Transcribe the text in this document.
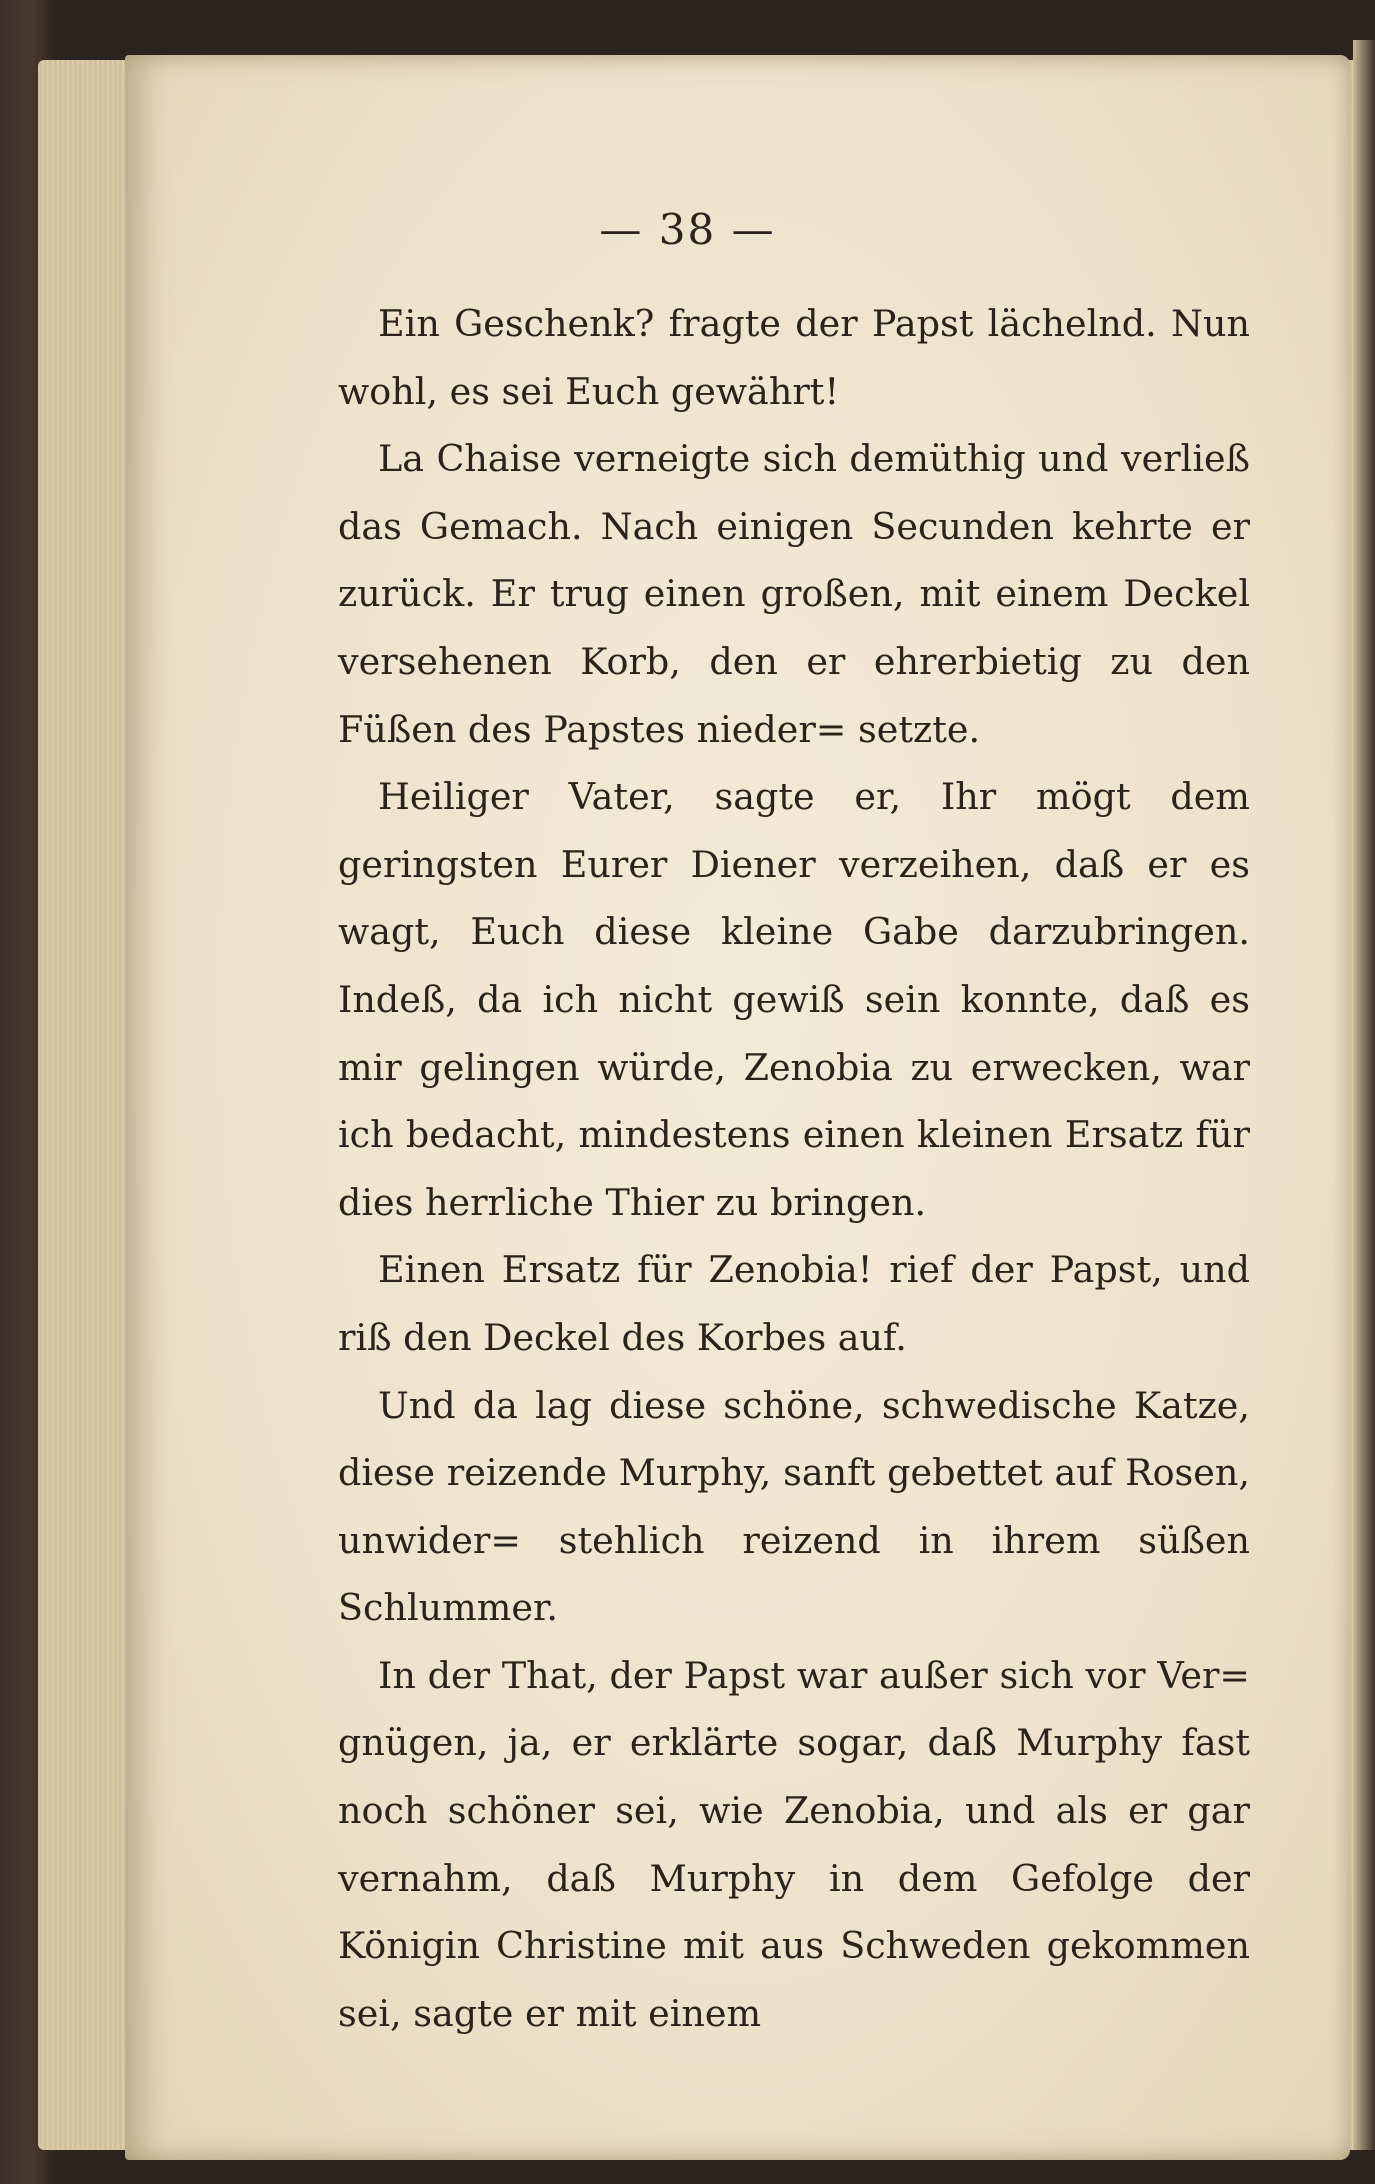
— 38 —

Ein Geschenk? fragte der Papst lächelnd. Nun wohl, es sei Euch gewährt!

La Chaise verneigte sich demüthig und verließ das Gemach. Nach einigen Secunden kehrte er zurück. Er trug einen großen, mit einem Deckel versehenen Korb, den er ehrerbietig zu den Füßen des Papstes nieder= setzte.

Heiliger Vater, sagte er, Ihr mögt dem geringsten Eurer Diener verzeihen, daß er es wagt, Euch diese kleine Gabe darzubringen. Indeß, da ich nicht gewiß sein konnte, daß es mir gelingen würde, Zenobia zu erwecken, war ich bedacht, mindestens einen kleinen Ersatz für dies herrliche Thier zu bringen.

Einen Ersatz für Zenobia! rief der Papst, und riß den Deckel des Korbes auf.

Und da lag diese schöne, schwedische Katze, diese reizende Murphy, sanft gebettet auf Rosen, unwider= stehlich reizend in ihrem süßen Schlummer.

In der That, der Papst war außer sich vor Ver= gnügen, ja, er erklärte sogar, daß Murphy fast noch schöner sei, wie Zenobia, und als er gar vernahm, daß Murphy in dem Gefolge der Königin Christine mit aus Schweden gekommen sei, sagte er mit einem
